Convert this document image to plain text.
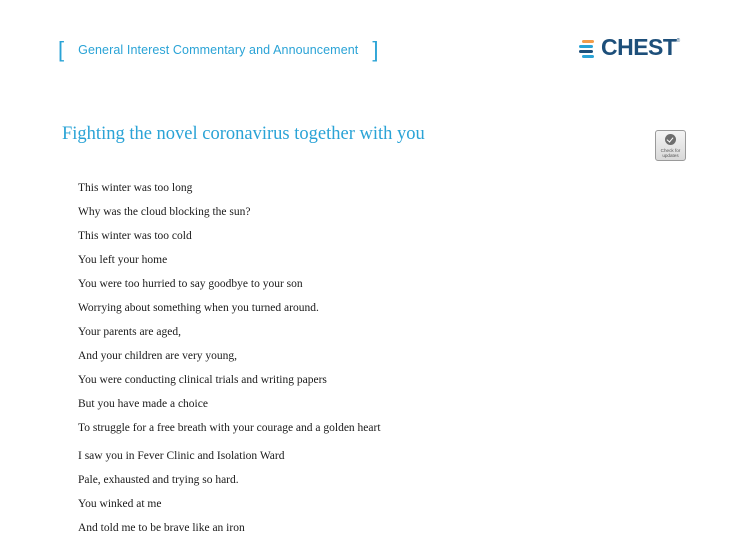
[ General Interest Commentary and Announcement ]	CHEST ®
Fighting the novel coronavirus together with you
Check for
updates
This winter was too long
Why was the cloud blocking the sun?
This winter was too cold
You left your home
You were too hurried to say goodbye to your son
Worrying about something when you turned around.
Your parents are aged,
And your children are very young,
You were conducting clinical trials and writing papers
But you have made a choice
To struggle for a free breath with your courage and a golden heart
I saw you in Fever Clinic and Isolation Ward
Pale, exhausted and trying so hard.
You winked at me
And told me to be brave like an iron
